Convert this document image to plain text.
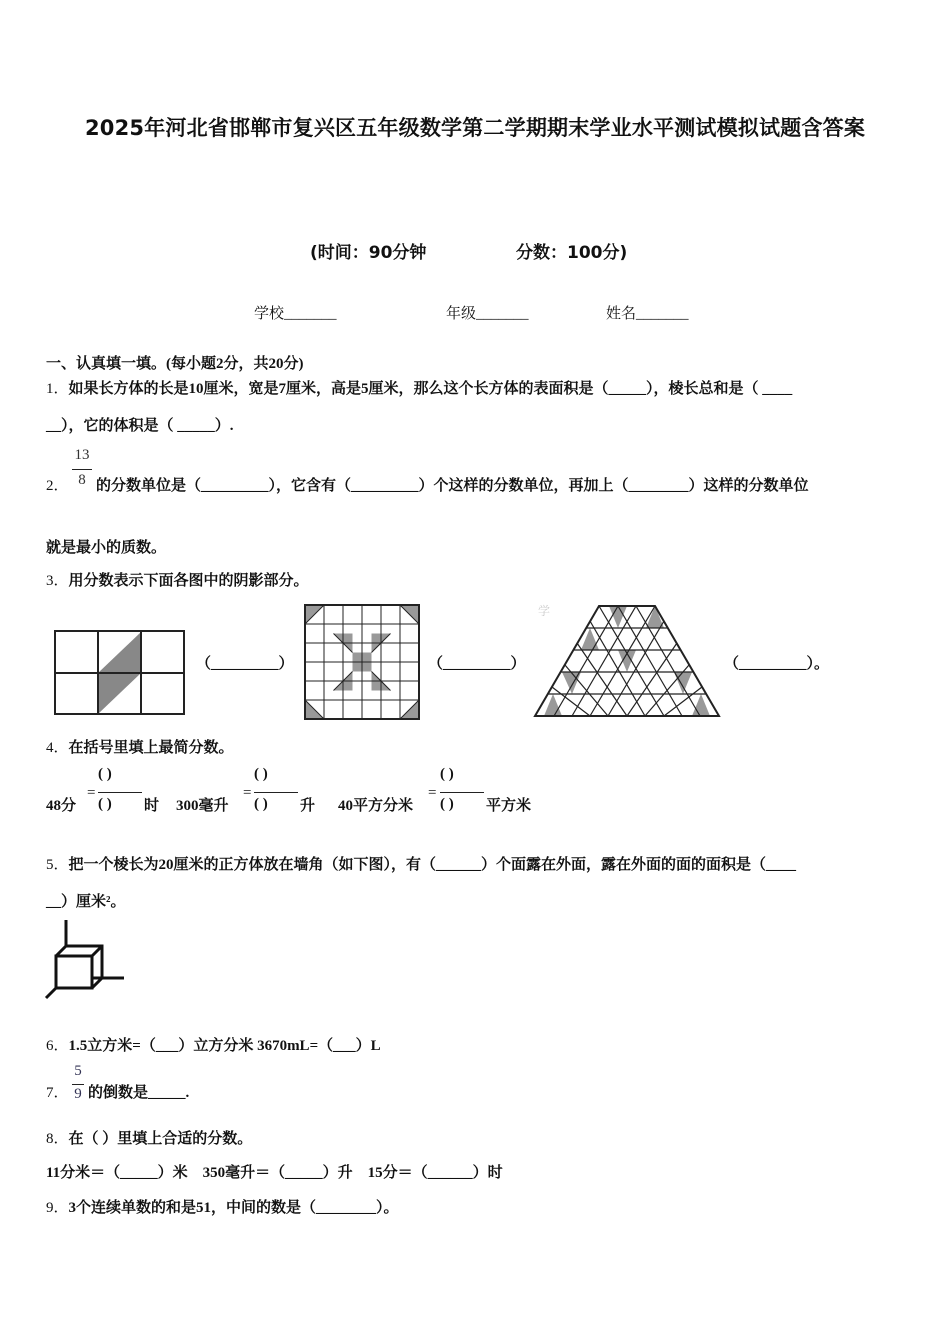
2025年河北省邯郸市复兴区五年级数学第二学期期末学业水平测试模拟试题含答案
(时间：90分钟	分数：100分)
学校_______	年级_______	姓名_______
一、认真填一填。(每小题2分，共20分)
1．如果长方体的长是10厘米，宽是7厘米，高是5厘米，那么这个长方体的表面积是（_____），棱长总和是（ ____
__），它的体积是（ _____）.
2．
13
8 的分数单位是（_________），它含有（_________）个这样的分数单位，再加上（________）这样的分数单位
就是最小的质数。
3．用分数表示下面各图中的阴影部分。
（_________）	（_________）
学
（_________）。
4．在括号里填上最简分数。
48分
=
( )
( ) 时 300毫升
=
( )
( ) 升 40平方分米
=
( )
( ) 平方米
5．把一个棱长为20厘米的正方体放在墙角（如下图），有（______）个面露在外面，露在外面的面的面积是（____
__）厘米²。
6．1.5立方米=（___）立方分米 3670mL=（___）L
7．
5
9 的倒数是_____.
8．在（ ）里填上合适的分数。
11分米＝（_____）米　350毫升＝（_____）升　15分＝（______）时
9．3个连续单数的和是51，中间的数是（________）。
